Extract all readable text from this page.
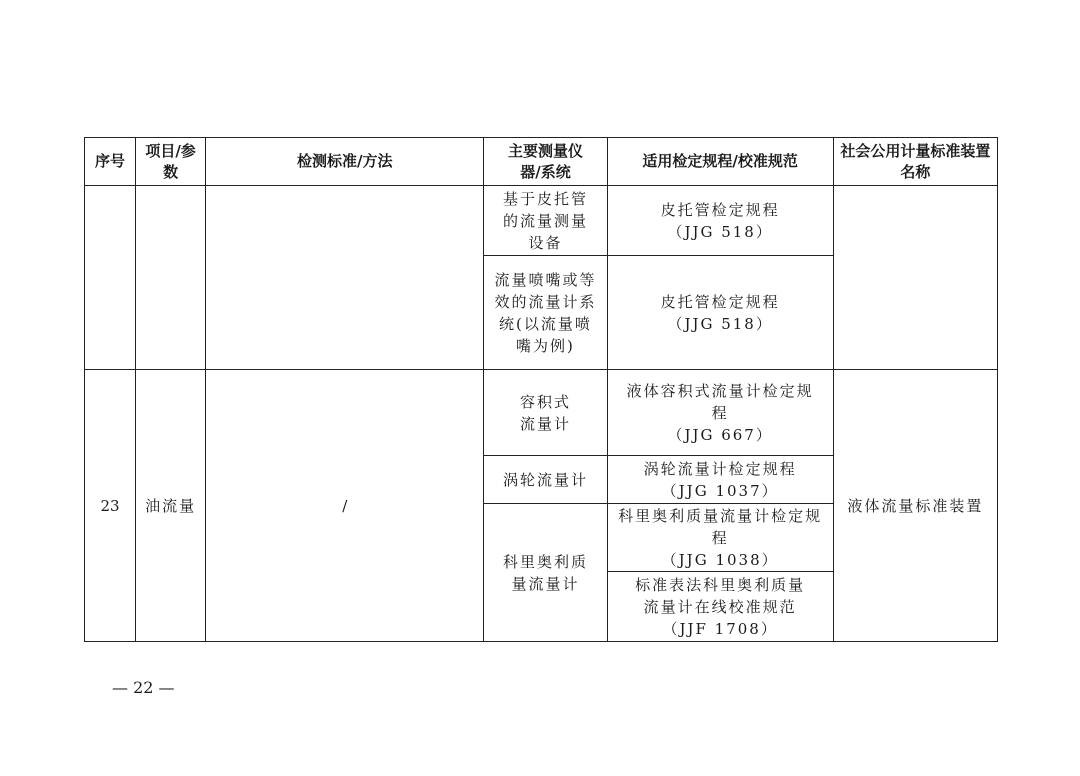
序号	项目/参数	检测标准/方法	主要测量仪器/系统	适用检定规程/校准规范	社会公用计量标准装置名称
			基于皮托管的流量测量设备	皮托管检定规程
（JJG 518）	

			流量喷嘴或等效的流量计系统(以流量喷嘴为例)	皮托管检定规程
（JJG 518）	

23	油流量	/	容积式流量计	液体容积式流量计检定规程
（JJG 667）	液体流量标准装置
			涡轮流量计	涡轮流量计检定规程
（JJG 1037）	

			科里奥利质量流量计	科里奥利质量流量计检定规程
（JJG 1038）	

				标准表法科里奥利质量流量计在线校准规范
（JJF 1708）	
— 22 —
